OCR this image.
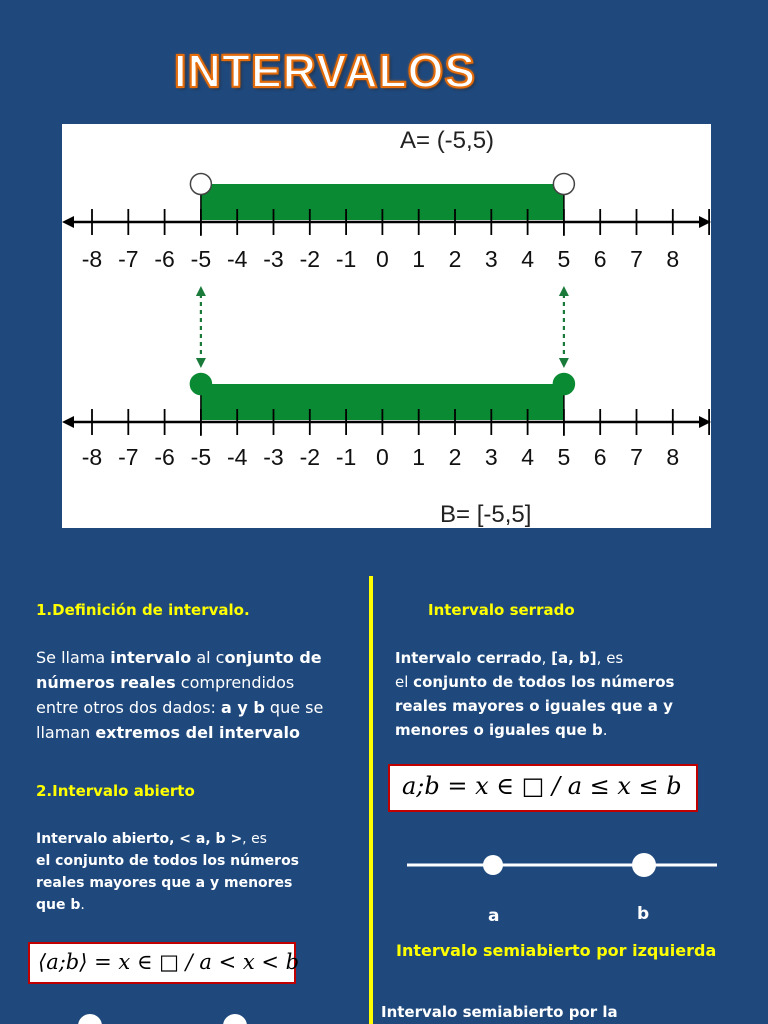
INTERVALOS
A= (-5,5)
B= [-5,5]
-8 -7 -6 -5 -4 -3 -2 -1 0 1 2 3 4 5 6 7 8
-8 -7 -6 -5 -4 -3 -2 -1 0 1 2 3 4 5 6 7 8
1.Definición de intervalo.
Se llama intervalo al conjunto de números reales comprendidos entre otros dos dados: a y b que se llaman extremos del intervalo
2.Intervalo abierto
Intervalo abierto, < a, b >, es
el conjunto de todos los números reales mayores que a y menores que b.
⟨a;b⟩ = x ∈ □ / a < x < b
Intervalo serrado
Intervalo cerrado, [a, b], es
el conjunto de todos los números reales mayores o iguales que a y menores o iguales que b.
a;b = x ∈ □ / a ≤ x ≤ b
a	b
Intervalo semiabierto por izquierda
Intervalo semiabierto por la
